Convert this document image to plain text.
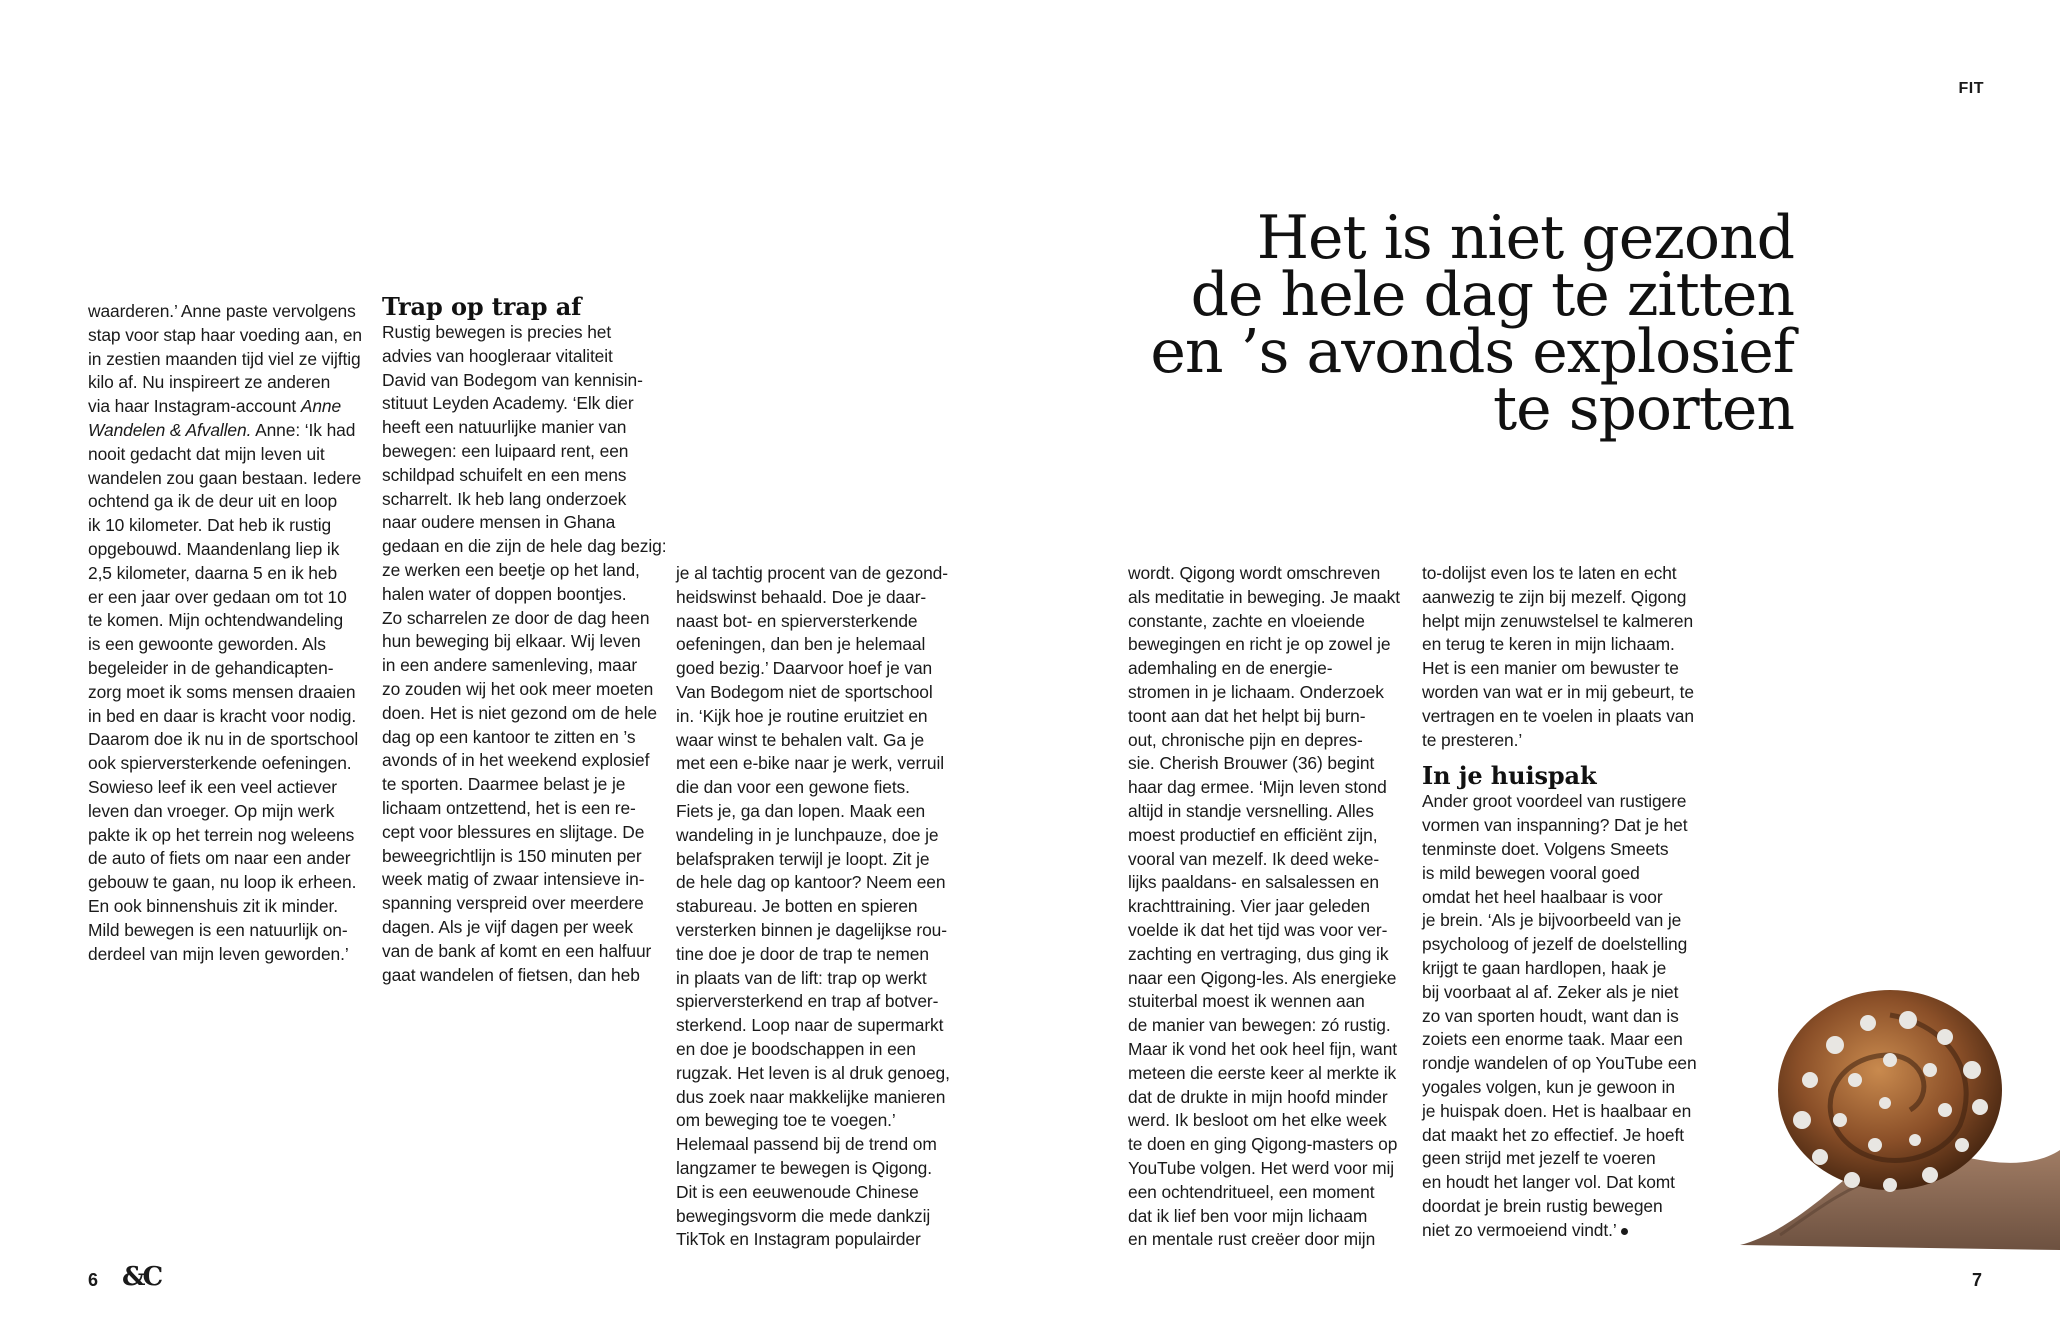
FIT
Het is niet gezond
de hele dag te zitten
en ’s avonds explosief
te sporten

waarderen.’ Anne paste vervolgens

stap voor stap haar voeding aan, en

in zestien maanden tijd viel ze vijftig

kilo af. Nu inspireert ze anderen

via haar Instagram-account Anne

Wandelen & Afvallen. Anne: ‘Ik had

nooit gedacht dat mijn leven uit

wandelen zou gaan bestaan. Iedere

ochtend ga ik de deur uit en loop

ik 10 kilometer. Dat heb ik rustig

opgebouwd. Maandenlang liep ik

2,5 kilometer, daarna 5 en ik heb

er een jaar over gedaan om tot 10

te komen. Mijn ochtendwandeling

is een gewoonte geworden. Als

begeleider in de gehandicapten-

zorg moet ik soms mensen draaien

in bed en daar is kracht voor nodig.

Daarom doe ik nu in de sportschool

ook spierversterkende oefeningen.

Sowieso leef ik een veel actiever

leven dan vroeger. Op mijn werk

pakte ik op het terrein nog weleens

de auto of fiets om naar een ander

gebouw te gaan, nu loop ik erheen.

En ook binnenshuis zit ik minder.

Mild bewegen is een natuurlijk on-

derdeel van mijn leven geworden.’

Trap op trap af

Rustig bewegen is precies het

advies van hoogleraar vitaliteit

David van Bodegom van kennisin-

stituut Leyden Academy. ‘Elk dier

heeft een natuurlijke manier van

bewegen: een luipaard rent, een

schildpad schuifelt en een mens

scharrelt. Ik heb lang onderzoek

naar oudere mensen in Ghana

gedaan en die zijn de hele dag bezig:

ze werken een beetje op het land,

halen water of doppen boontjes.

Zo scharrelen ze door de dag heen

hun beweging bij elkaar. Wij leven

in een andere samenleving, maar

zo zouden wij het ook meer moeten

doen. Het is niet gezond om de hele

dag op een kantoor te zitten en ’s

avonds of in het weekend explosief

te sporten. Daarmee belast je je

lichaam ontzettend, het is een re-

cept voor blessures en slijtage. De

beweegrichtlijn is 150 minuten per

week matig of zwaar intensieve in-

spanning verspreid over meerdere

dagen. Als je vijf dagen per week

van de bank af komt en een halfuur

gaat wandelen of fietsen, dan heb

je al tachtig procent van de gezond-

heidswinst behaald. Doe je daar-

naast bot- en spierversterkende

oefeningen, dan ben je helemaal

goed bezig.’ Daarvoor hoef je van

Van Bodegom niet de sportschool

in. ‘Kijk hoe je routine eruitziet en

waar winst te behalen valt. Ga je

met een e-bike naar je werk, verruil

die dan voor een gewone fiets.

Fiets je, ga dan lopen. Maak een

wandeling in je lunchpauze, doe je

belafspraken terwijl je loopt. Zit je

de hele dag op kantoor? Neem een

stabureau. Je botten en spieren

versterken binnen je dagelijkse rou-

tine doe je door de trap te nemen

in plaats van de lift: trap op werkt

spierversterkend en trap af botver-

sterkend. Loop naar de supermarkt

en doe je boodschappen in een

rugzak. Het leven is al druk genoeg,

dus zoek naar makkelijke manieren

om beweging toe te voegen.’

Helemaal passend bij de trend om

langzamer te bewegen is Qigong.

Dit is een eeuwenoude Chinese

bewegingsvorm die mede dankzij

TikTok en Instagram populairder

wordt. Qigong wordt omschreven

als meditatie in beweging. Je maakt

constante, zachte en vloeiende

bewegingen en richt je op zowel je

ademhaling en de energie-

stromen in je lichaam. Onderzoek

toont aan dat het helpt bij burn-

out, chronische pijn en depres-

sie. Cherish Brouwer (36) begint

haar dag ermee. ‘Mijn leven stond

altijd in standje versnelling. Alles

moest productief en efficiënt zijn,

vooral van mezelf. Ik deed weke-

lijks paaldans- en salsalessen en

krachttraining. Vier jaar geleden

voelde ik dat het tijd was voor ver-

zachting en vertraging, dus ging ik

naar een Qigong-les. Als energieke

stuiterbal moest ik wennen aan

de manier van bewegen: zó rustig.

Maar ik vond het ook heel fijn, want

meteen die eerste keer al merkte ik

dat de drukte in mijn hoofd minder

werd. Ik besloot om het elke week

te doen en ging Qigong-masters op

YouTube volgen. Het werd voor mij

een ochtendritueel, een moment

dat ik lief ben voor mijn lichaam

en mentale rust creëer door mijn

to-dolijst even los te laten en echt

aanwezig te zijn bij mezelf. Qigong

helpt mijn zenuwstelsel te kalmeren

en terug te keren in mijn lichaam.

Het is een manier om bewuster te

worden van wat er in mij gebeurt, te

vertragen en te voelen in plaats van

te presteren.’

In je huispak

Ander groot voordeel van rustigere

vormen van inspanning? Dat je het

tenminste doet. Volgens Smeets

is mild bewegen vooral goed

omdat het heel haalbaar is voor

je brein. ‘Als je bijvoorbeeld van je

psycholoog of jezelf de doelstelling

krijgt te gaan hardlopen, haak je

bij voorbaat al af. Zeker als je niet

zo van sporten houdt, want dan is

zoiets een enorme taak. Maar een

rondje wandelen of op YouTube een

yogales volgen, kun je gewoon in

je huispak doen. Het is haalbaar en

dat maakt het zo effectief. Je hoeft

geen strijd met jezelf te voeren

en houdt het langer vol. Dat komt

doordat je brein rustig bewegen

niet zo vermoeiend vindt.’

6 &C	7
